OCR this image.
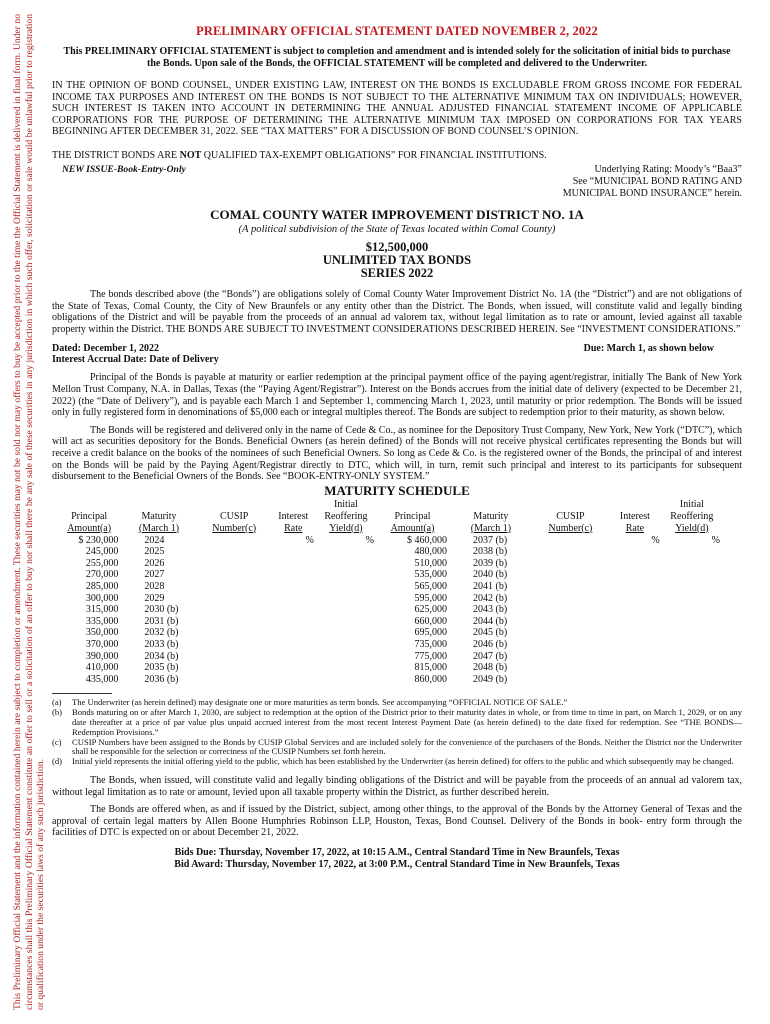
This Preliminary Official Statement and the information contained herein are subject to completion or amendment. These securities may not be sold nor may offers to buy be accepted prior to the time the Official Statement is delivered in final form. Under no circumstances shall this Preliminary Official Statement constitute an offer to sell or a solicitation of an offer to buy nor shall there be any sale of these securities in any jurisdiction in which such offer, solicitation or sale would be unlawful prior to registration or qualification under the securities laws of any such jurisdiction.
PRELIMINARY OFFICIAL STATEMENT DATED NOVEMBER 2, 2022
This PRELIMINARY OFFICIAL STATEMENT is subject to completion and amendment and is intended solely for the solicitation of initial bids to purchase the Bonds. Upon sale of the Bonds, the OFFICIAL STATEMENT will be completed and delivered to the Underwriter.
IN THE OPINION OF BOND COUNSEL, UNDER EXISTING LAW, INTEREST ON THE BONDS IS EXCLUDABLE FROM GROSS INCOME FOR FEDERAL INCOME TAX PURPOSES AND INTEREST ON THE BONDS IS NOT SUBJECT TO THE ALTERNATIVE MINIMUM TAX ON INDIVIDUALS; HOWEVER, SUCH INTEREST IS TAKEN INTO ACCOUNT IN DETERMINING THE ANNUAL ADJUSTED FINANCIAL STATEMENT INCOME OF APPLICABLE CORPORATIONS FOR THE PURPOSE OF DETERMINING THE ALTERNATIVE MINIMUM TAX IMPOSED ON CORPORATIONS FOR TAX YEARS BEGINNING AFTER DECEMBER 31, 2022. SEE “TAX MATTERS” FOR A DISCUSSION OF BOND COUNSEL’S OPINION.
THE DISTRICT BONDS ARE NOT QUALIFIED TAX-EXEMPT OBLIGATIONS” FOR FINANCIAL INSTITUTIONS.
NEW ISSUE-Book-Entry-Only	Underlying Rating: Moody’s “Baa3”
See “MUNICIPAL BOND RATING AND
MUNICIPAL BOND INSURANCE” herein.
COMAL COUNTY WATER IMPROVEMENT DISTRICT NO. 1A
(A political subdivision of the State of Texas located within Comal County)
$12,500,000
UNLIMITED TAX BONDS
SERIES 2022
The bonds described above (the “Bonds”) are obligations solely of Comal County Water Improvement District No. 1A (the “District”) and are not obligations of the State of Texas, Comal County, the City of New Braunfels or any entity other than the District. The Bonds, when issued, will constitute valid and legally binding obligations of the District and will be payable from the proceeds of an annual ad valorem tax, without legal limitation as to rate or amount, levied against all taxable property within the District. THE BONDS ARE SUBJECT TO INVESTMENT CONSIDERATIONS DESCRIBED HEREIN. See “INVESTMENT CONSIDERATIONS.”
Dated: December 1, 2022	Due: March 1, as shown below
Interest Accrual Date: Date of Delivery
Principal of the Bonds is payable at maturity or earlier redemption at the principal payment office of the paying agent/registrar, initially The Bank of New York Mellon Trust Company, N.A. in Dallas, Texas (the “Paying Agent/Registrar”). Interest on the Bonds accrues from the initial date of delivery (expected to be December 21, 2022) (the “Date of Delivery”), and is payable each March 1 and September 1, commencing March 1, 2023, until maturity or prior redemption. The Bonds will be issued only in fully registered form in denominations of $5,000 each or integral multiples thereof. The Bonds are subject to redemption prior to their maturity, as shown below.
The Bonds will be registered and delivered only in the name of Cede & Co., as nominee for the Depository Trust Company, New York, New York (“DTC”), which will act as securities depository for the Bonds. Beneficial Owners (as herein defined) of the Bonds will not receive physical certificates representing the Bonds but will receive a credit balance on the books of the nominees of such Beneficial Owners. So long as Cede & Co. is the registered owner of the Bonds, the principal of and interest on the Bonds will be paid by the Paying Agent/Registrar directly to DTC, which will, in turn, remit such principal and interest to its participants for subsequent disbursement to the Beneficial Owners of the Bonds. See “BOOK-ENTRY-ONLY SYSTEM.”
MATURITY SCHEDULE
				Initial					Initial
Principal	Maturity	CUSIP	Interest	Reoffering	Principal	Maturity	CUSIP	Interest	Reoffering
Amount(a)	(March 1)	Number(c)	Rate	Yield(d)	Amount(a)	(March 1)	Number(c)	Rate	Yield(d)
$ 230,000	2024		%	%	$ 460,000	2037 (b)		%	%
245,000	2025				480,000	2038 (b)			
255,000	2026				510,000	2039 (b)			
270,000	2027				535,000	2040 (b)			
285,000	2028				565,000	2041 (b)			
300,000	2029				595,000	2042 (b)			
315,000	2030 (b)				625,000	2043 (b)			
335,000	2031 (b)				660,000	2044 (b)			
350,000	2032 (b)				695,000	2045 (b)			
370,000	2033 (b)				735,000	2046 (b)			
390,000	2034 (b)				775,000	2047 (b)			
410,000	2035 (b)				815,000	2048 (b)			
435,000	2036 (b)				860,000	2049 (b)			
(a)	The Underwriter (as herein defined) may designate one or more maturities as term bonds. See accompanying “OFFICIAL NOTICE OF SALE.”
(b)	Bonds maturing on or after March 1, 2030, are subject to redemption at the option of the District prior to their maturity dates in whole, or from time to time in part, on March 1, 2029, or on any date thereafter at a price of par value plus unpaid accrued interest from the most recent Interest Payment Date (as herein defined) to the date fixed for redemption. See “THE BONDS—Redemption Provisions.”
(c)	CUSIP Numbers have been assigned to the Bonds by CUSIP Global Services and are included solely for the convenience of the purchasers of the Bonds. Neither the District nor the Underwriter shall be responsible for the selection or correctness of the CUSIP Numbers set forth herein.
(d)	Initial yield represents the initial offering yield to the public, which has been established by the Underwriter (as herein defined) for offers to the public and which subsequently may be changed.
The Bonds, when issued, will constitute valid and legally binding obligations of the District and will be payable from the proceeds of an annual ad valorem tax, without legal limitation as to rate or amount, levied upon all taxable property within the District, as further described herein.
The Bonds are offered when, as and if issued by the District, subject, among other things, to the approval of the Bonds by the Attorney General of Texas and the approval of certain legal matters by Allen Boone Humphries Robinson LLP, Houston, Texas, Bond Counsel. Delivery of the Bonds in book- entry form through the facilities of DTC is expected on or about December 21, 2022.
Bids Due: Thursday, November 17, 2022, at 10:15 A.M., Central Standard Time in New Braunfels, Texas
Bid Award: Thursday, November 17, 2022, at 3:00 P.M., Central Standard Time in New Braunfels, Texas
